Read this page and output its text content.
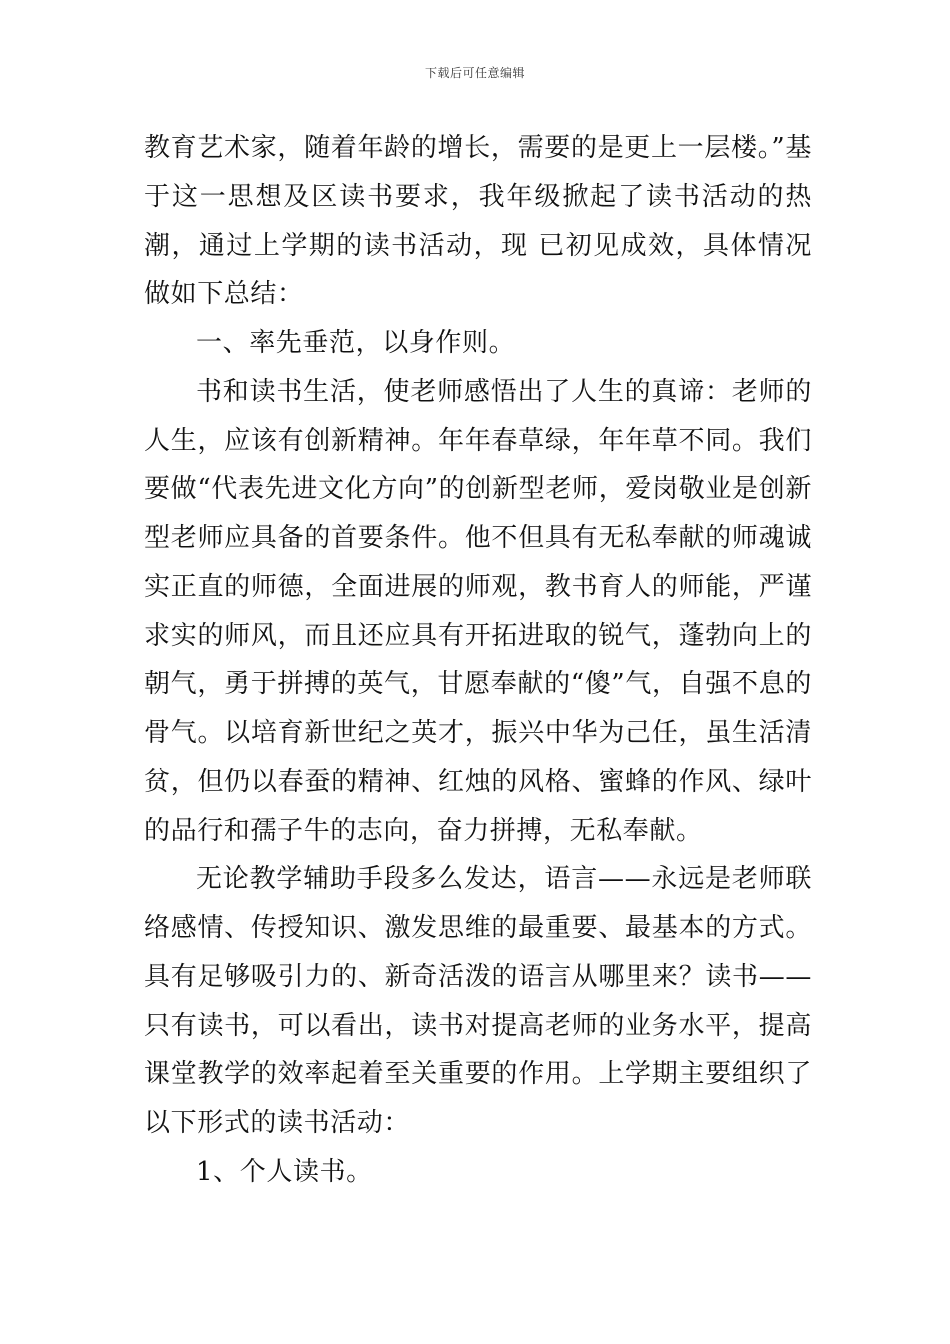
下载后可任意编辑

教育艺术家，随着年龄的增长，需要的是更上一层楼。”基于这一思想及区读书要求，我年级掀起了读书活动的热潮，通过上学期的读书活动，现 已初见成效，具体情况做如下总结：

一、率先垂范，以身作则。

书和读书生活，使老师感悟出了人生的真谛：老师的人生，应该有创新精神。年年春草绿，年年草不同。我们要做“代表先进文化方向”的创新型老师，爱岗敬业是创新型老师应具备的首要条件。他不但具有无私奉献的师魂诚实正直的师德，全面进展的师观，教书育人的师能，严谨求实的师风，而且还应具有开拓进取的锐气，蓬勃向上的朝气，勇于拼搏的英气，甘愿奉献的“傻”气，自强不息的骨气。以培育新世纪之英才，振兴中华为己任，虽生活清贫，但仍以春蚕的精神、红烛的风格、蜜蜂的作风、绿叶的品行和孺子牛的志向，奋力拼搏，无私奉献。

无论教学辅助手段多么发达，语言——永远是老师联络感情、传授知识、激发思维的最重要、最基本的方式。具有足够吸引力的、新奇活泼的语言从哪里来？读书——只有读书，可以看出，读书对提高老师的业务水平，提高课堂教学的效率起着至关重要的作用。上学期主要组织了以下形式的读书活动：

1、个人读书。
